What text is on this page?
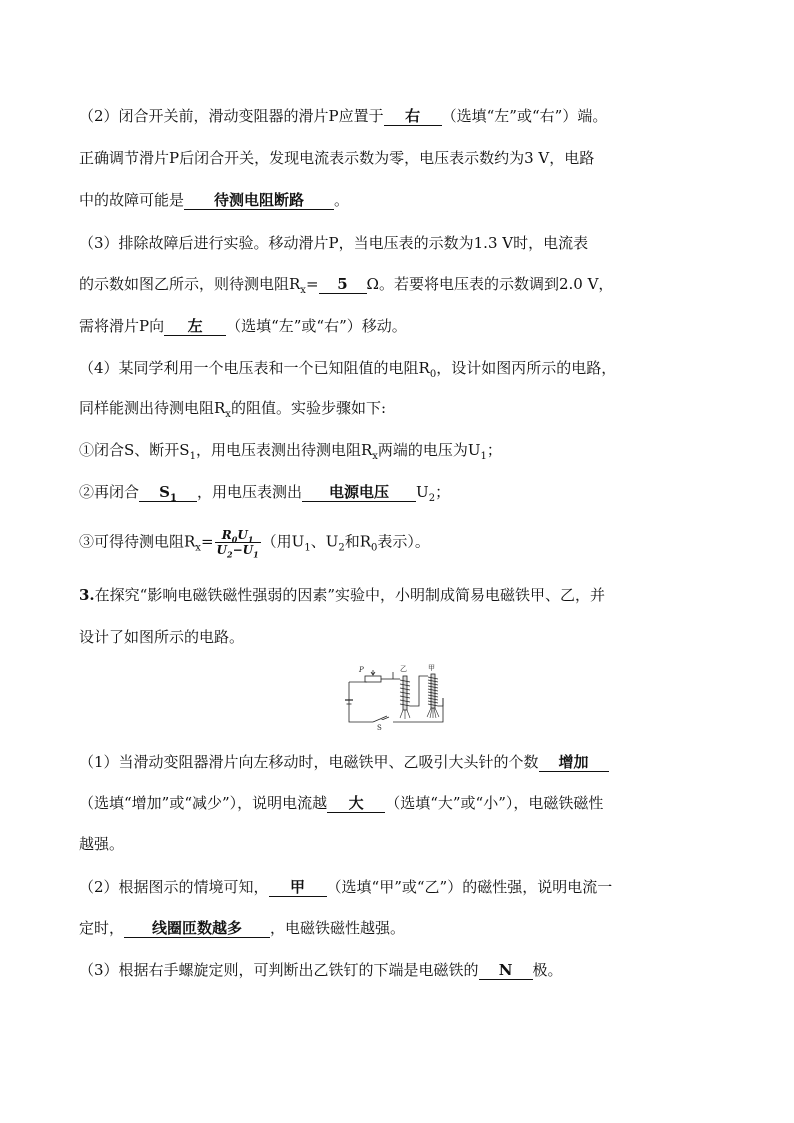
（2）闭合开关前，滑动变阻器的滑片P应置于 右 （选填“左”或“右”）端。
正确调节滑片P后闭合开关，发现电流表示数为零，电压表示数约为3 V，电路
中的故障可能是 待测电阻断路 。
（3）排除故障后进行实验。移动滑片P，当电压表的示数为1.3 V时，电流表
的示数如图乙所示，则待测电阻$R_x= 5$ Ω。若要将电压表的示数调到2.0 V，
需将滑片P向 左 （选填“左”或“右”）移动。
（4）某同学利用一个电压表和一个已知阻值的电阻$R_0$，设计如图丙所示的电路，
同样能测出待测电阻$R_x$的阻值。实验步骤如下:
①闭合S、断开$S_1$，用电压表测出待测电阻$R_x$两端的电压为$U_1$；
②再闭合 $S_1$ ，用电压表测出 电源电压 $U_2$；
③可得待测电阻$R_x= \frac{R_0U_1}{U_2-U_1}$ （用$U_1$、$U_2$和$R_0$表示）。
3.在探究“影响电磁铁磁性强弱的因素”实验中，小明制成简易电磁铁甲、乙，并
设计了如图所示的电路。
P	乙	甲
S
（1）当滑动变阻器滑片向左移动时，电磁铁甲、乙吸引大头针的个数 增加
（选填“增加”或“减少”），说明电流越 大 （选填“大”或“小”），电磁铁磁性
越强。
（2）根据图示的情境可知， 甲 （选填“甲”或“乙”）的磁性强，说明电流一
定时， 线圈匝数越多 ，电磁铁磁性越强。
（3）根据右手螺旋定则，可判断出乙铁钉的下端是电磁铁的 N 极。
